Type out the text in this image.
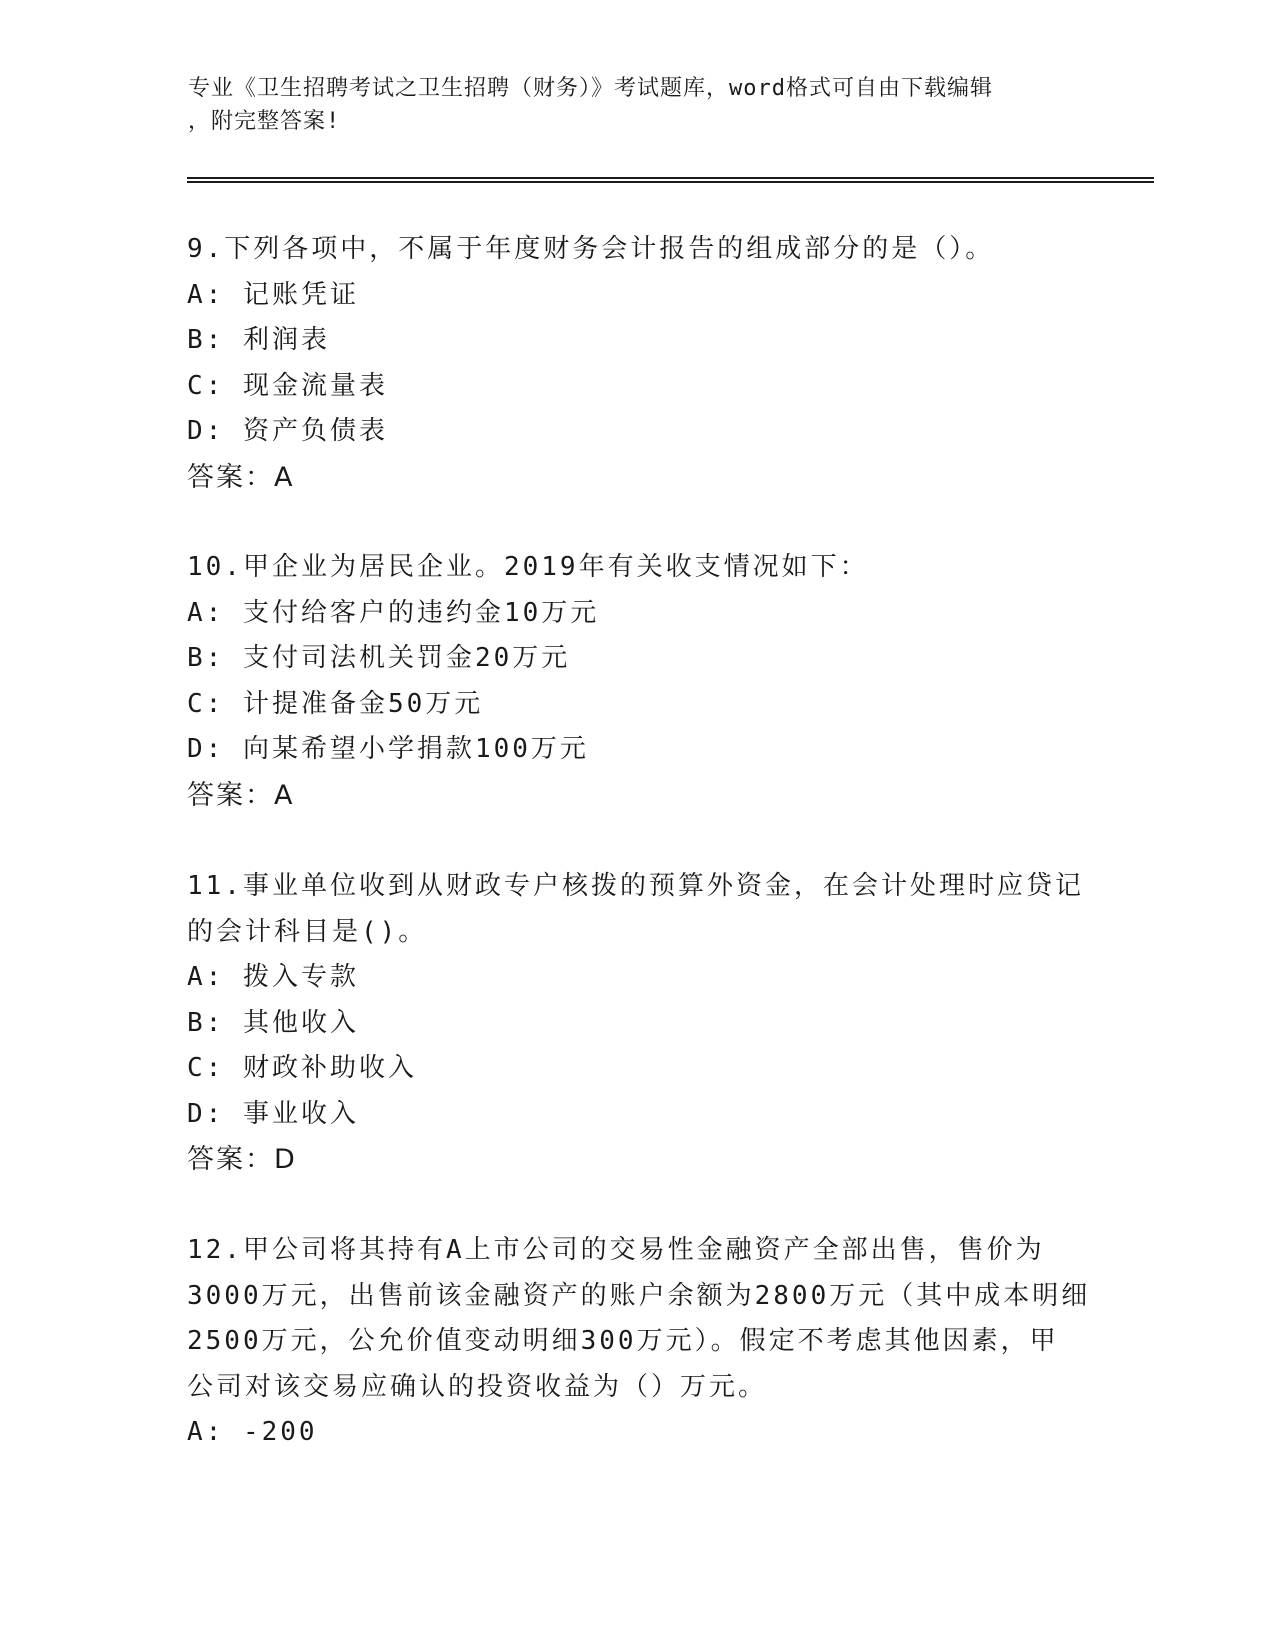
专业《卫生招聘考试之卫生招聘（财务）》考试题库，word格式可自由下载编辑
，附完整答案!
9.下列各项中，不属于年度财务会计报告的组成部分的是（）。
A: 记账凭证
B: 利润表
C: 现金流量表
D: 资产负债表
答案：A
10.甲企业为居民企业。2019年有关收支情况如下：
A: 支付给客户的违约金10万元
B: 支付司法机关罚金20万元
C: 计提准备金50万元
D: 向某希望小学捐款100万元
答案：A
11.事业单位收到从财政专户核拨的预算外资金，在会计处理时应贷记
的会计科目是()。
A: 拨入专款
B: 其他收入
C: 财政补助收入
D: 事业收入
答案：D
12.甲公司将其持有A上市公司的交易性金融资产全部出售，售价为
3000万元，出售前该金融资产的账户余额为2800万元（其中成本明细
2500万元，公允价值变动明细300万元）。假定不考虑其他因素，甲
公司对该交易应确认的投资收益为（）万元。
A: -200
